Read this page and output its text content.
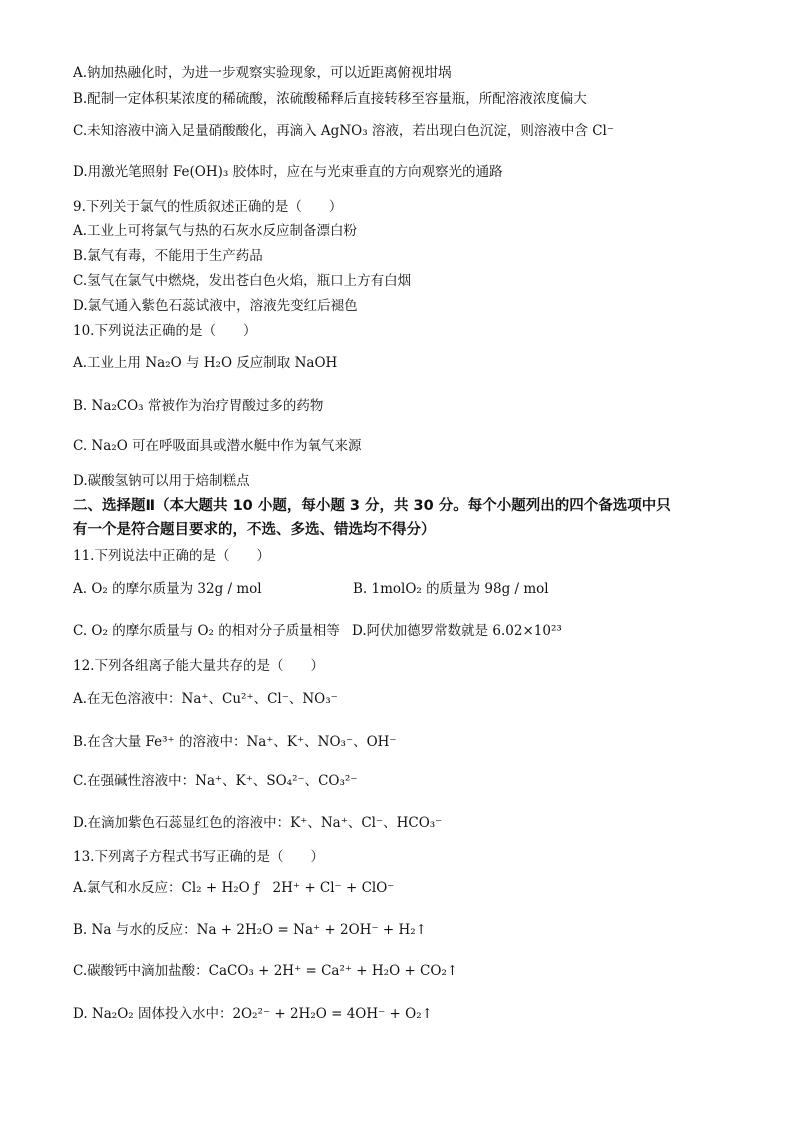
A.钠加热融化时，为进一步观察实验现象，可以近距离俯视坩埚
B.配制一定体积某浓度的稀硫酸，浓硫酸稀释后直接转移至容量瓶，所配溶液浓度偏大
C.未知溶液中滴入足量硝酸酸化，再滴入 AgNO₃ 溶液，若出现白色沉淀，则溶液中含 Cl⁻
D.用激光笔照射 Fe(OH)₃ 胶体时，应在与光束垂直的方向观察光的通路
9.下列关于氯气的性质叙述正确的是（　　）
A.工业上可将氯气与热的石灰水反应制备漂白粉
B.氯气有毒，不能用于生产药品
C.氢气在氯气中燃烧，发出苍白色火焰，瓶口上方有白烟
D.氯气通入紫色石蕊试液中，溶液先变红后褪色
10.下列说法正确的是（　　）
A.工业上用 Na₂O 与 H₂O 反应制取 NaOH
B. Na₂CO₃ 常被作为治疗胃酸过多的药物
C. Na₂O 可在呼吸面具或潜水艇中作为氧气来源
D.碳酸氢钠可以用于焙制糕点
二、选择题Ⅱ（本大题共 10 小题，每小题 3 分，共 30 分。每个小题列出的四个备选项中只
有一个是符合题目要求的，不选、多选、错选均不得分）
11.下列说法中正确的是（　　）
A. O₂ 的摩尔质量为 32g / mol	B. 1molO₂ 的质量为 98g / mol
C. O₂ 的摩尔质量与 O₂ 的相对分子质量相等 D.阿伏加德罗常数就是 6.02×10²³
12.下列各组离子能大量共存的是（　　）
A.在无色溶液中：Na⁺、Cu²⁺、Cl⁻、NO₃⁻
B.在含大量 Fe³⁺ 的溶液中：Na⁺、K⁺、NO₃⁻、OH⁻
C.在强碱性溶液中：Na⁺、K⁺、SO₄²⁻、CO₃²⁻
D.在滴加紫色石蕊显红色的溶液中：K⁺、Na⁺、Cl⁻、HCO₃⁻
13.下列离子方程式书写正确的是（　　）
A.氯气和水反应：Cl₂ + H₂O ƒ　2H⁺ + Cl⁻ + ClO⁻
B. Na 与水的反应：Na + 2H₂O = Na⁺ + 2OH⁻ + H₂↑
C.碳酸钙中滴加盐酸：CaCO₃ + 2H⁺ = Ca²⁺ + H₂O + CO₂↑
D. Na₂O₂ 固体投入水中：2O₂²⁻ + 2H₂O = 4OH⁻ + O₂↑
